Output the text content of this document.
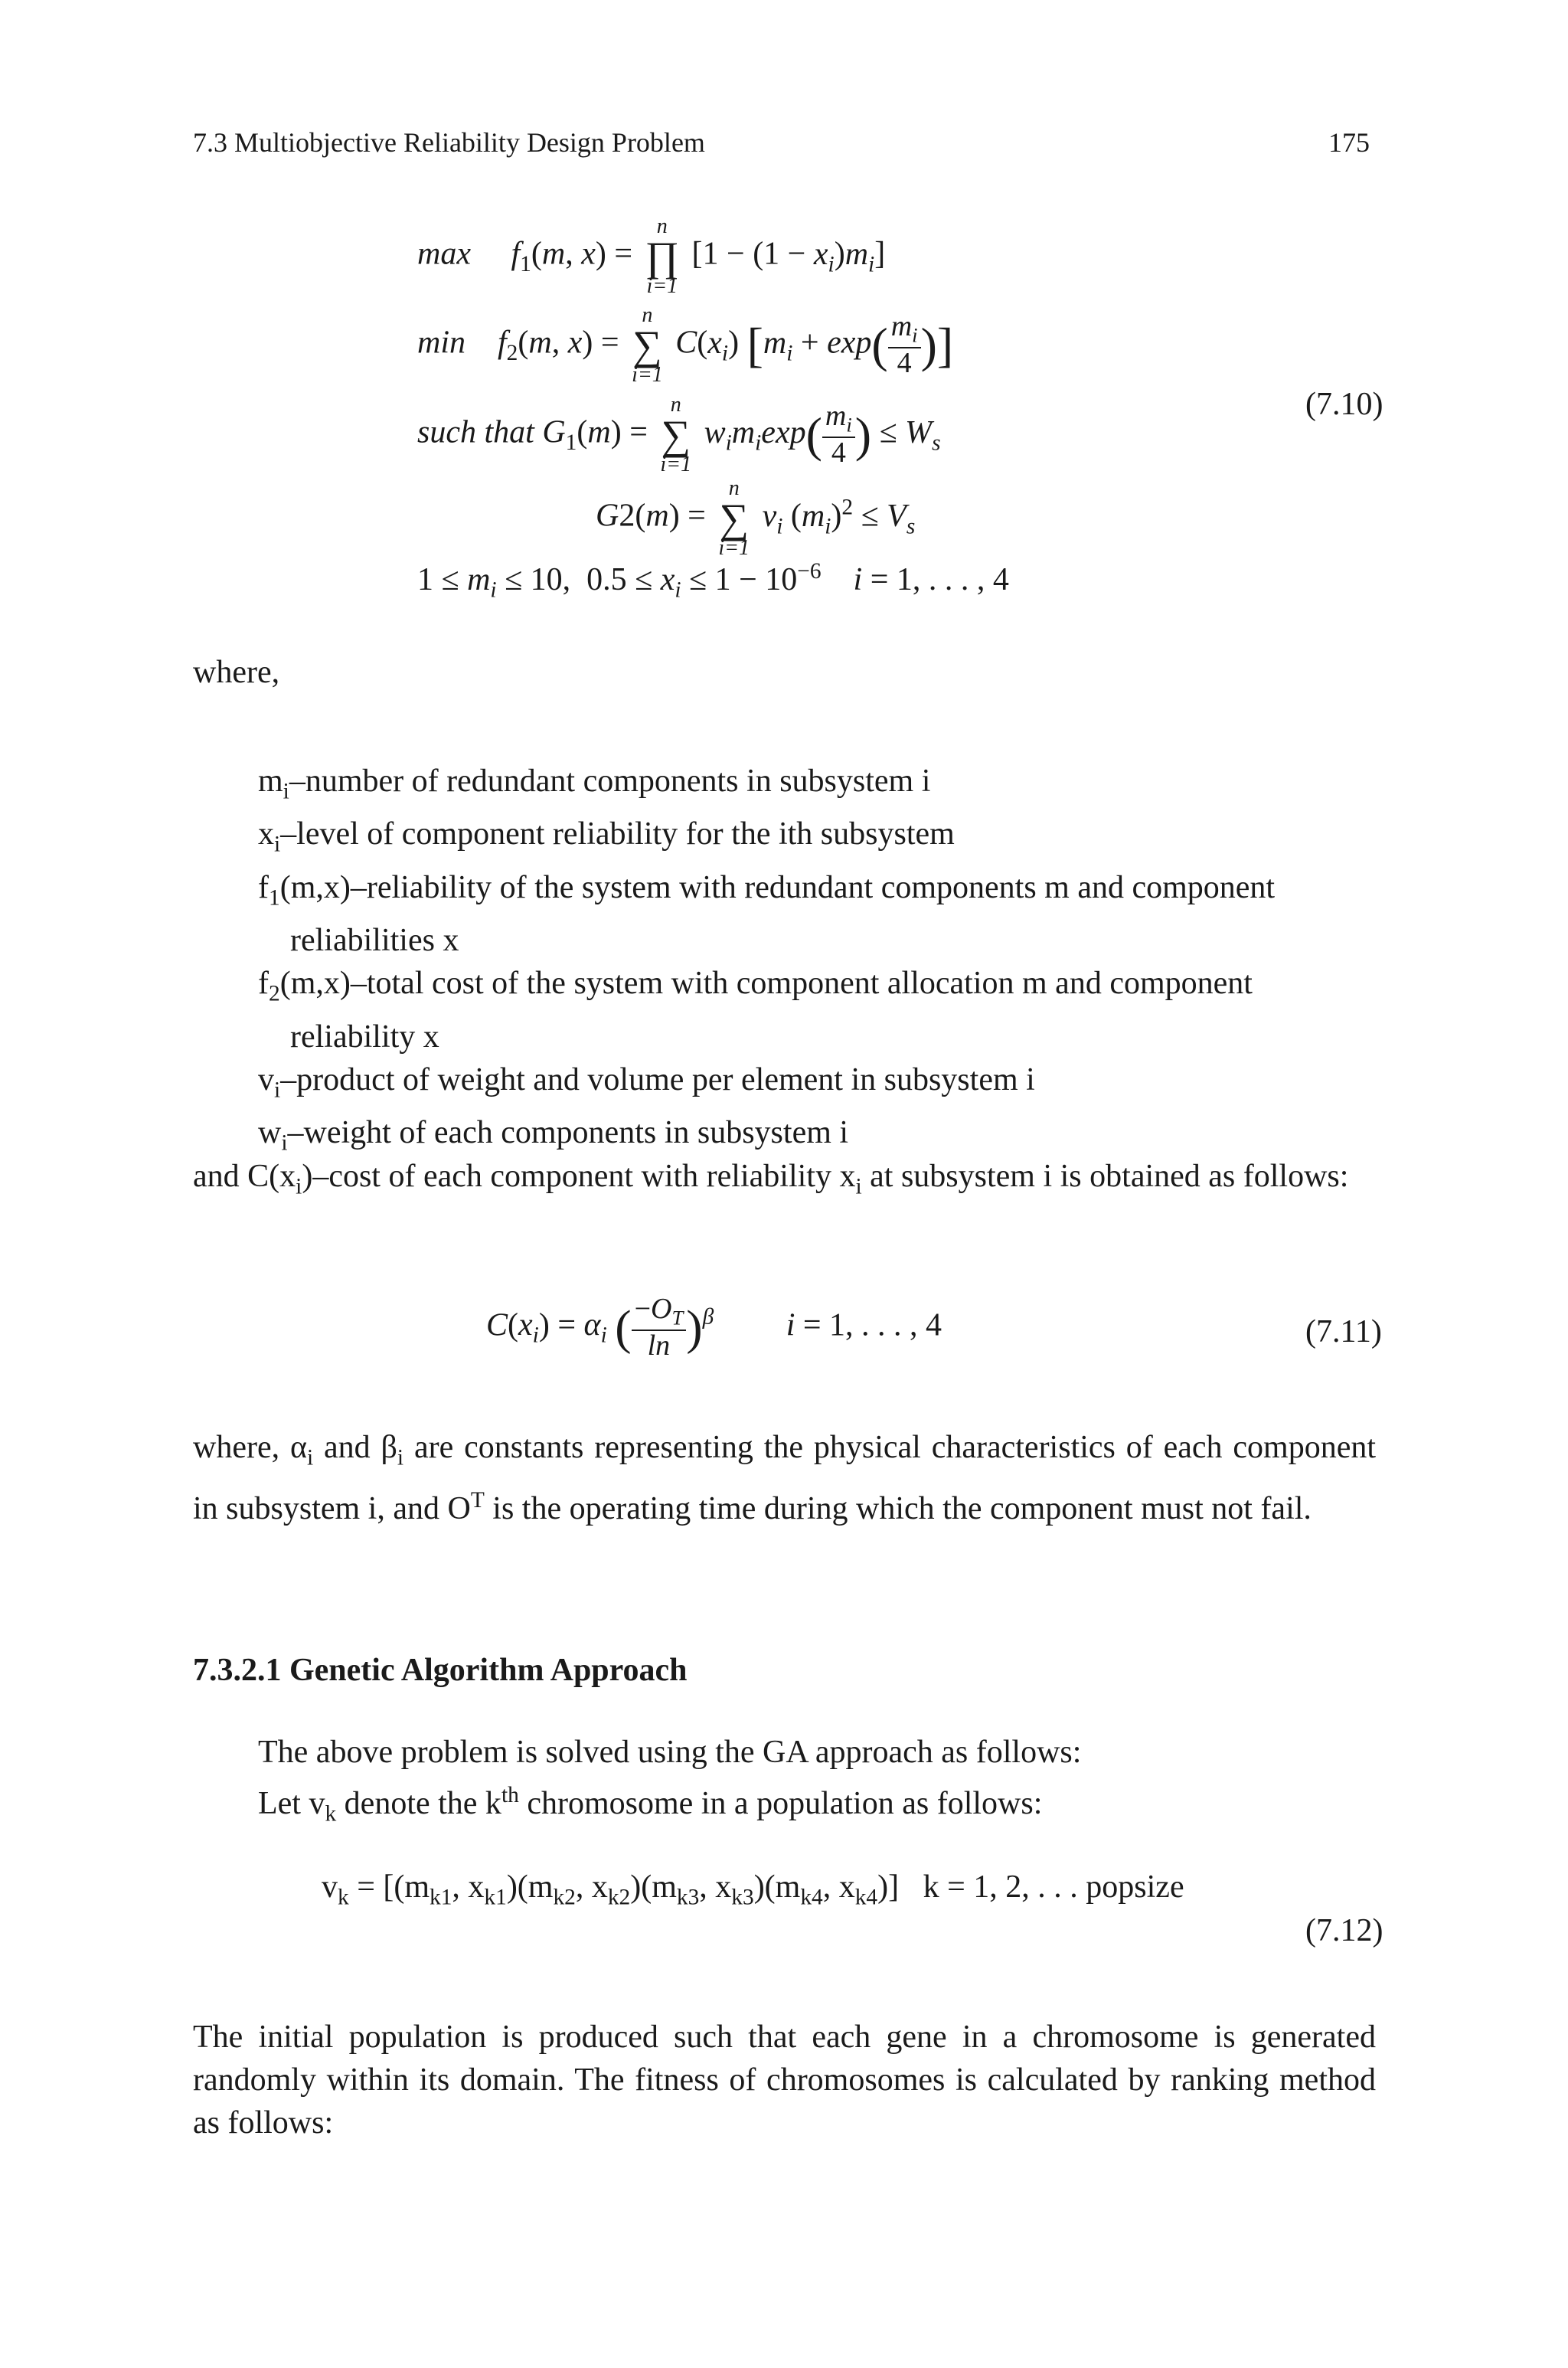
7.3 Multiobjective Reliability Design Problem	175
$\max f_1(m$, x) =
n
∏
i=1
$[1 - (1 - x_i)m_i]$
$\min f_2(m$, x) =
n
∑
i=1
$C(x_i) [m_i + \exp( \frac{m_i}{4}$ )]
such that $G_1(m)$ =
n
∑
i=1
$w_im_i\exp( \frac{m_i}{4}$ ) ≤ $W_s$
(7.10)
G2(m) =
n
∑
i=1
$v_i$ $(m_i)^2 \le V_s$
$1 \le m_i \le 10$,  $0.5 \le x_i \le 1 - 10^{-6}$ i = 1, . . . , 4
where,
$m_i$–number of redundant components in subsystem i
$x_i$–level of component reliability for the ith subsystem
$f_1(m,x)$–reliability of the system with redundant components m and component reliabilities x
$f_2(m,x)$–total cost of the system with component allocation m and component reliability x
$v_i$–product of weight and volume per element in subsystem i
$w_i$–weight of each components in subsystem i
and $C(x_i)$–cost of each component with reliability $x_i$ at subsystem i is obtained as follows:
$C(x_i) = \alpha_i$ ( $\frac{-O_T}{\ln} )^\beta$ i = 1, . . . , 4	(7.11)
where, $\alpha_i$ and $\beta_i$ are constants representing the physical characteristics of each component in subsystem i, and $O^T$ is the operating time during which the component must not fail.
7.3.2.1 Genetic Algorithm Approach
The above problem is solved using the GA approach as follows:
Let $v_k$ denote the $k^{th}$ chromosome in a population as follows:
$v_k = [(m_{k1}$, $x_{k1})(m_{k2}$, $x_{k2})(m_{k3}$, $x_{k3})(m_{k4}$, $x_{k4}$)]   k = 1, 2, . . . popsize
(7.12)
The initial population is produced such that each gene in a chromosome is generated randomly within its domain. The fitness of chromosomes is calculated by ranking method as follows:
